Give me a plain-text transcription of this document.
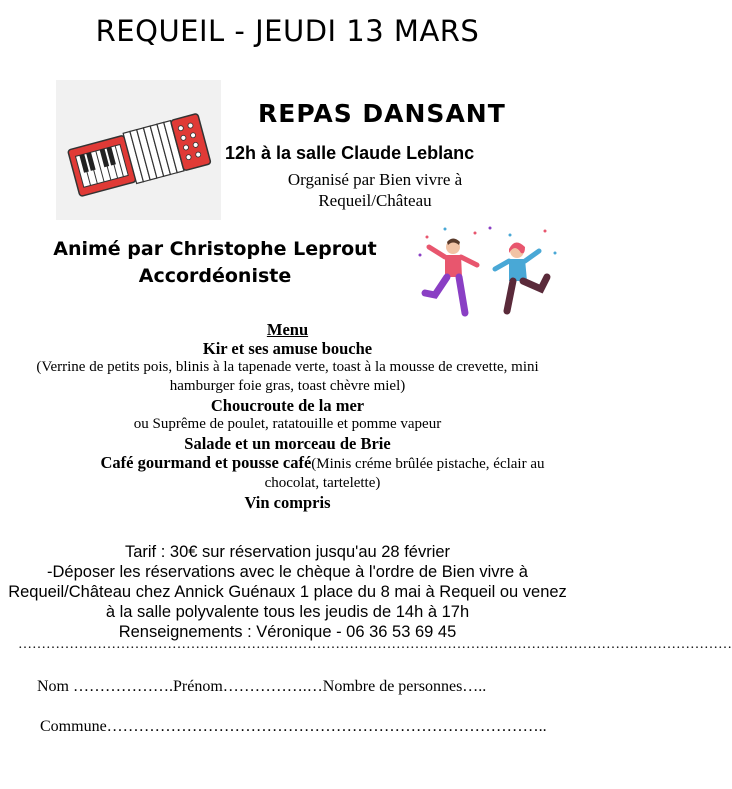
REQUEIL - JEUDI 13 MARS
REPAS DANSANT
12h à la salle Claude Leblanc
Organisé par Bien vivre à
Requeil/Château
Animé par Christophe Leprout
Accordéoniste
Menu
Kir et ses amuse bouche
(Verrine de petits pois, blinis à la tapenade verte, toast à la mousse de crevette, mini hamburger foie gras, toast chèvre miel)
Choucroute de la mer
ou Suprême de poulet, ratatouille et pomme vapeur
Salade et un morceau de Brie
Café gourmand et pousse café(Minis créme brûlée pistache, éclair au chocolat, tartelette)
Vin compris
Tarif : 30€ sur réservation jusqu'au 28 février
-Déposer les réservations avec le chèque à l'ordre de Bien vivre à Requeil/Château chez Annick Guénaux 1 place du 8 mai à Requeil ou venez à la salle polyvalente tous les jeudis de 14h à 17h
Renseignements : Véronique - 06 36 53 69 45
………………………………………………………………………………………………………………………………………
Nom ……………….Prénom…………….…Nombre de personnes…..
Commune………………………………………………………………………..
